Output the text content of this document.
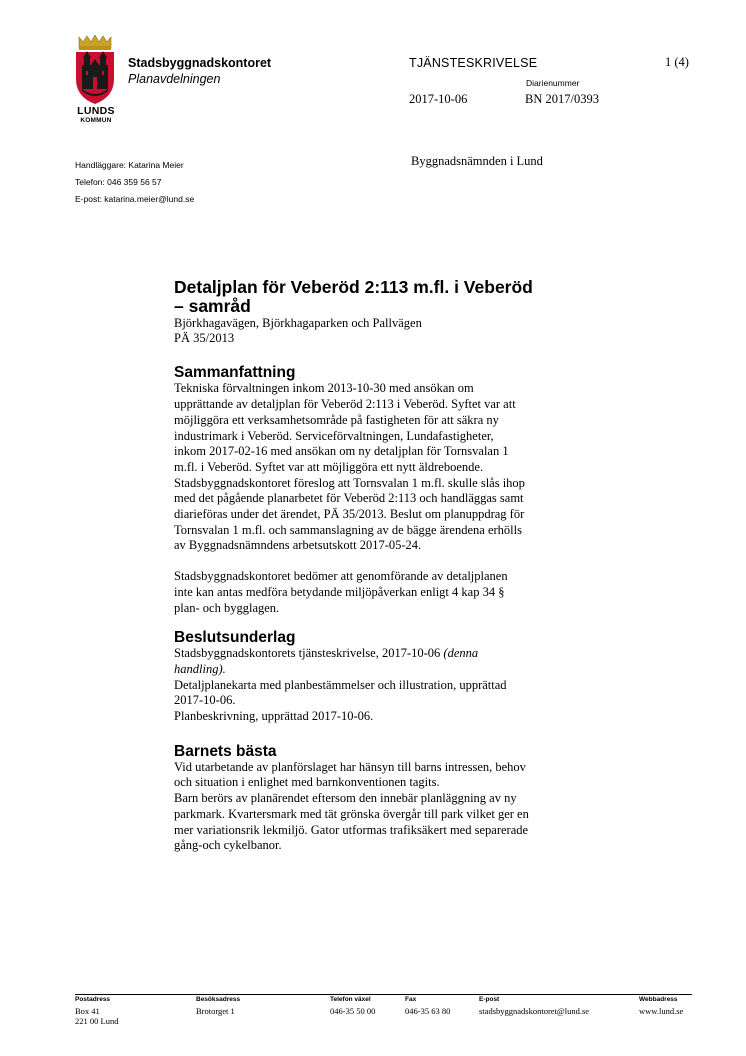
LUNDS
KOMMUN
Stadsbyggnadskontoret
Planavdelningen
TJÄNSTESKRIVELSE	1 (4)
Diarienummer
2017-10-06	BN 2017/0393
Handläggare: Katarina Meier
Telefon: 046 359 56 57
E-post: katarina.meier@lund.se
Byggnadsnämnden i Lund
Detaljplan för Veberöd 2:113 m.fl. i Veberöd
– samråd

Björkhagavägen, Björkhagaparken och Pallvägen

PÄ 35/2013

Sammanfattning
Tekniska förvaltningen inkom 2013-10-30 med ansökan om
upprättande av detaljplan för Veberöd 2:113 i Veberöd. Syftet var att
möjliggöra ett verksamhetsområde på fastigheten för att säkra ny
industrimark i Veberöd. Serviceförvaltningen, Lundafastigheter,
inkom 2017-02-16 med ansökan om ny detaljplan för Tornsvalan 1
m.fl. i Veberöd. Syftet var att möjliggöra ett nytt äldreboende.
Stadsbyggnadskontoret föreslog att Tornsvalan 1 m.fl. skulle slås ihop
med det pågående planarbetet för Veberöd 2:113 och handläggas samt
diarieföras under det ärendet, PÄ 35/2013. Beslut om planuppdrag för
Tornsvalan 1 m.fl. och sammanslagning av de bägge ärendena erhölls
av Byggnadsnämndens arbetsutskott 2017-05-24.
Stadsbyggnadskontoret bedömer att genomförande av detaljplanen
inte kan antas medföra betydande miljöpåverkan enligt 4 kap 34 §
plan- och bygglagen.
Beslutsunderlag
Stadsbyggnadskontorets tjänsteskrivelse, 2017-10-06 (denna
handling).
Detaljplanekarta med planbestämmelser och illustration, upprättad
2017-10-06.
Planbeskrivning, upprättad 2017-10-06.
Barnets bästa
Vid utarbetande av planförslaget har hänsyn till barns intressen, behov
och situation i enlighet med barnkonventionen tagits.
Barn berörs av planärendet eftersom den innebär planläggning av ny
parkmark. Kvartersmark med tät grönska övergår till park vilket ger en
mer variationsrik lekmiljö. Gator utformas trafiksäkert med separerade
gång-och cykelbanor.
Postadress
Box 41
221 00 Lund
Besöksadress
Brotorget 1
Telefon växel
046-35 50 00
Fax
046-35 63 80
E-post
stadsbyggnadskontoret@lund.se
Webbadress
www.lund.se
